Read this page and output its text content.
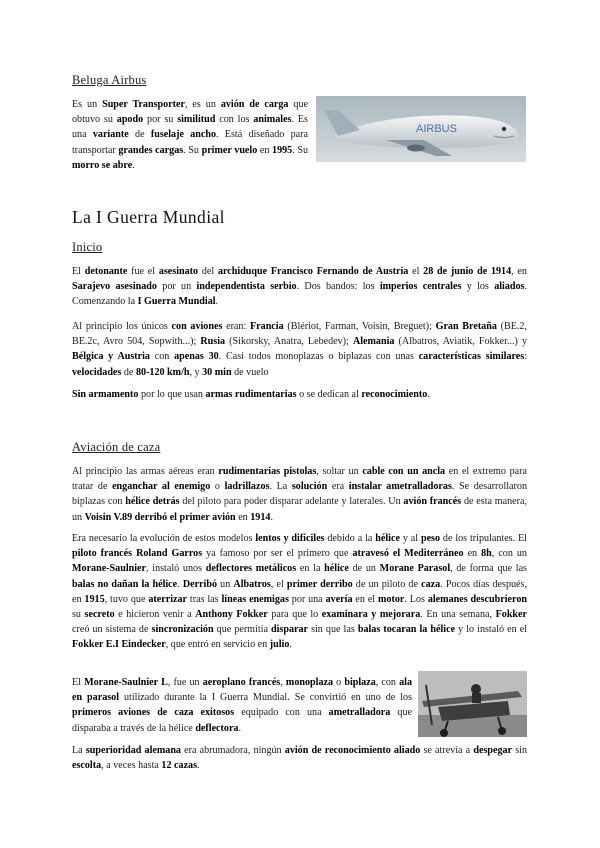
Beluga Airbus

Es un Super Transporter, es un avión de carga que obtuvo su apodo por su similitud con los animales. Es una variante de fuselaje ancho. Está diseñado para transportar grandes cargas. Su primer vuelo en 1995. Su morro se abre.

AIRBUS
La I Guerra Mundial
Inicio

El detonante fue el asesinato del archiduque Francisco Fernando de Austria el 28 de junio de 1914, en Sarajevo asesinado por un independentista serbio. Dos bandos: los imperios centrales y los aliados. Comenzando la I Guerra Mundial.

Al principio los únicos con aviones eran: Francia (Blériot, Farman, Voisin, Breguet); Gran Bretaña (BE.2, BE.2c, Avro 504, Sopwith...); Rusia (Sikorsky, Anatra, Lebedev); Alemania (Albatros, Aviatik, Fokker...) y Bélgica y Austria con apenas 30. Casi todos monoplazas o biplazas con unas características similares: velocidades de 80-120 km/h, y 30 min de vuelo

Sin armamento por lo que usan armas rudimentarias o se dedican al reconocimiento.

Aviación de caza

Al principio las armas aéreas eran rudimentarias pistolas, soltar un cable con un ancla en el extremo para tratar de enganchar al enemigo o ladrillazos. La solución era instalar ametralladoras. Se desarrollaron biplazas con hélice detrás del piloto para poder disparar adelante y laterales. Un avión francés de esta manera, un Voisin V.89 derribó el primer avión en 1914.

Era necesario la evolución de estos modelos lentos y difíciles debido a la hélice y al peso de los tripulantes. El piloto francés Roland Garros ya famoso por ser el primero que atravesó el Mediterráneo en 8h, con un Morane-Saulnier, instaló unos deflectores metálicos en la hélice de un Morane Parasol, de forma que las balas no dañan la hélice. Derribó un Albatros, el primer derribo de un piloto de caza. Pocos días después, en 1915, tuvo que aterrizar tras las líneas enemigas por una avería en el motor. Los alemanes descubrieron su secreto e hicieron venir a Anthony Fokker para que lo examinara y mejorara. En una semana, Fokker creó un sistema de sincronización que permitía disparar sin que las balas tocaran la hélice y lo instaló en el Fokker E.I Eindecker, que entró en servicio en julio.

El Morane-Saulnier L, fue un aeroplano francés, monoplaza o biplaza, con ala en parasol utilizado durante la I Guerra Mundial. Se convirtió en uno de los primeros aviones de caza exitosos equipado con una ametralladora que disparaba a través de la hélice deflectora.

La superioridad alemana era abrumadora, ningún avión de reconocimiento aliado se atrevía a despegar sin escolta, a veces hasta 12 cazas.
